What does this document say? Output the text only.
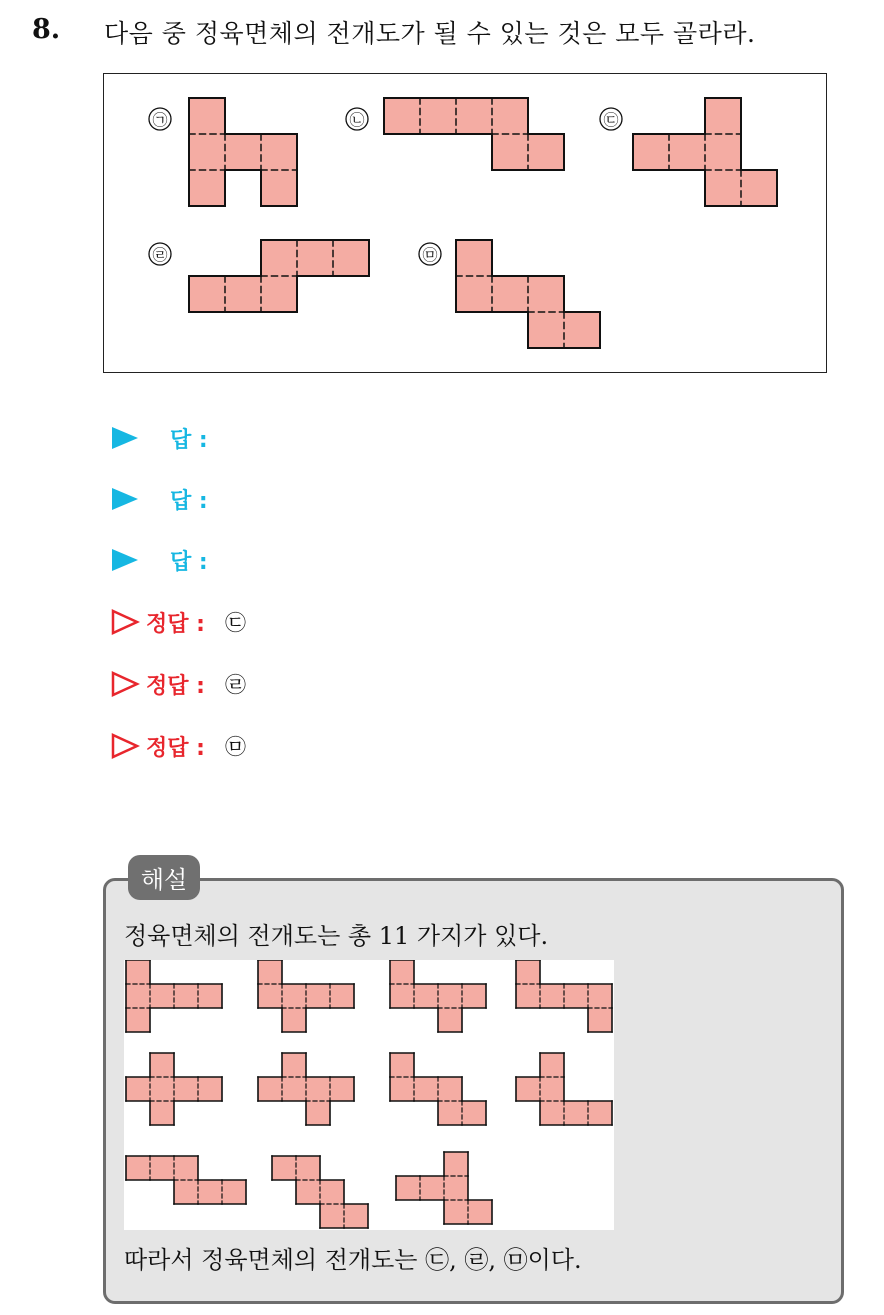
8. 다음 중 정육면체의 전개도가 될 수 있는 것은 모두 골라라.
㉠	㉡	㉢
㉣	㉤
답 :
답 :
답 :
정답 : ㉢
정답 : ㉣
정답 : ㉤
해설
정육면체의 전개도는 총 11 가지가 있다.
따라서 정육면체의 전개도는 ㉢, ㉣, ㉤이다.
